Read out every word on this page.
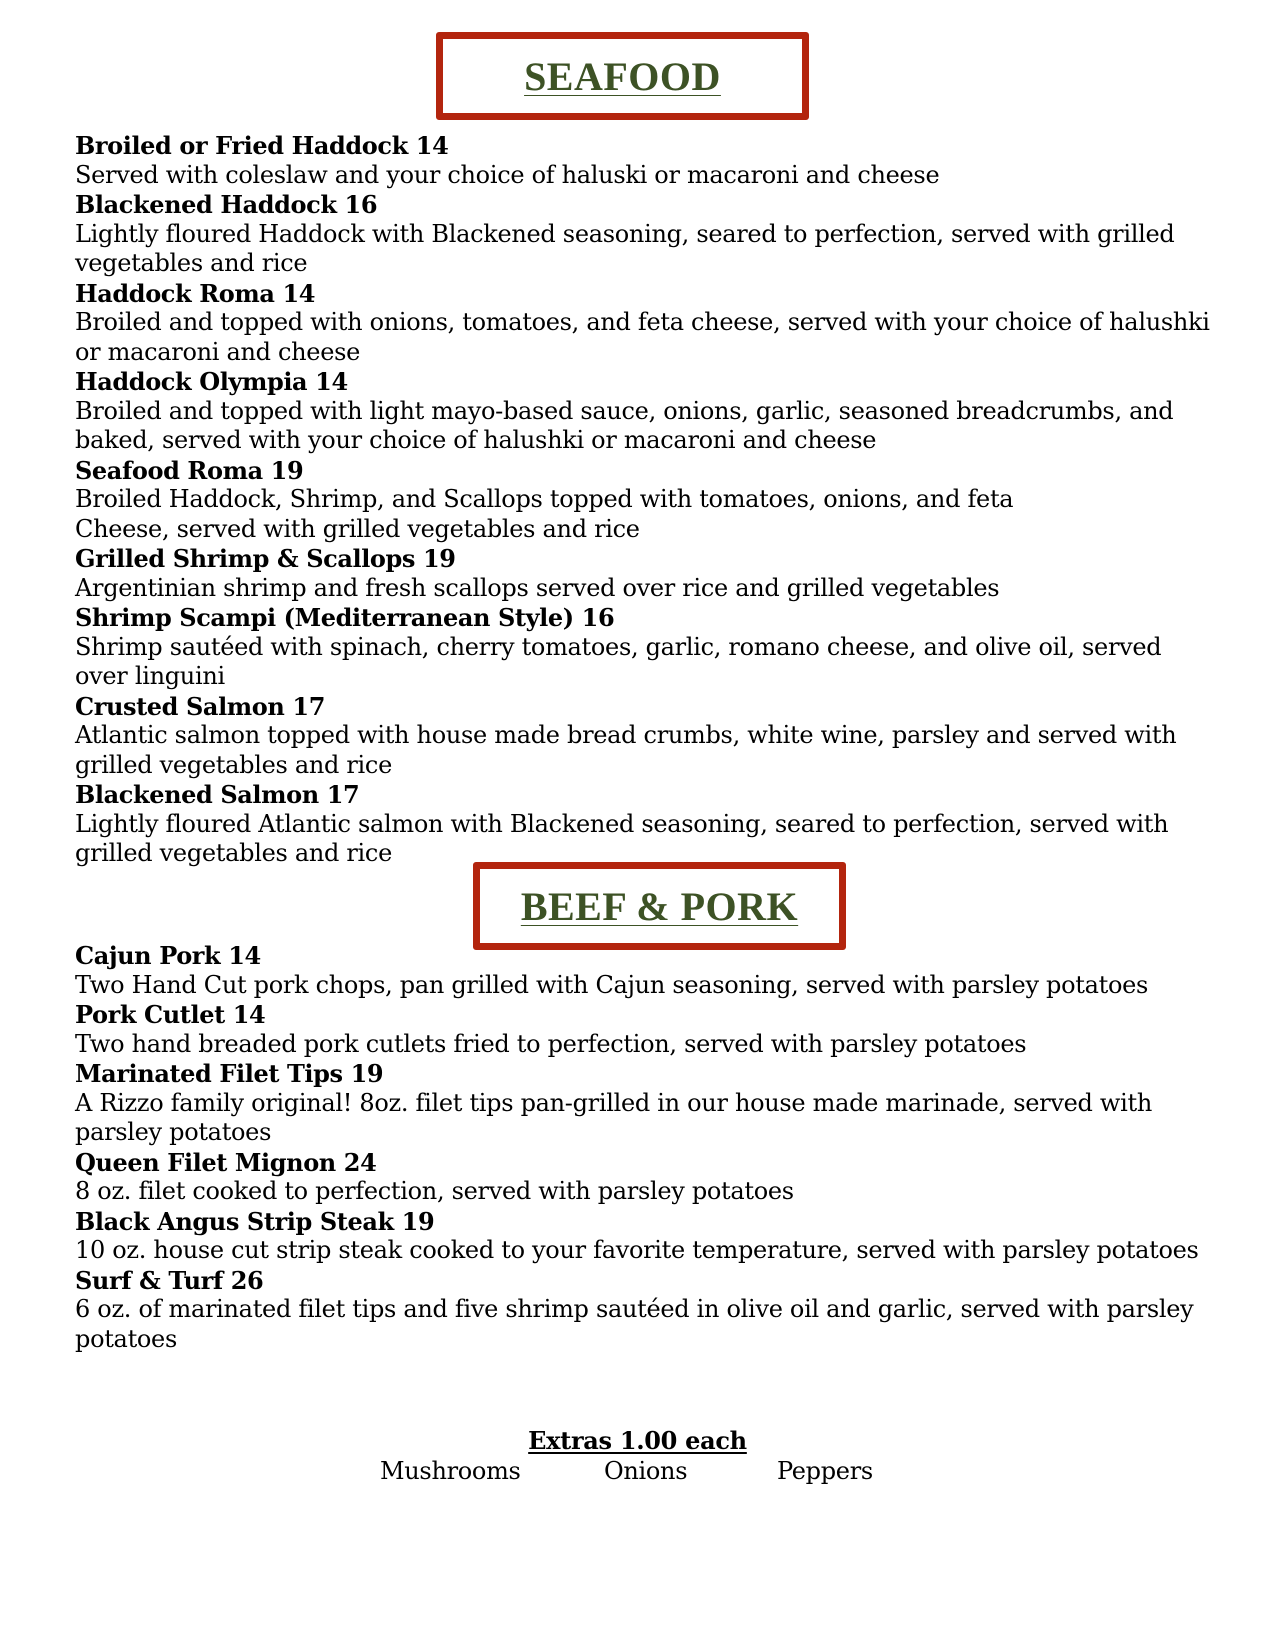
SEAFOOD
Broiled or Fried Haddock 14
Served with coleslaw and your choice of haluski or macaroni and cheese
Blackened Haddock 16
Lightly floured Haddock with Blackened seasoning, seared to perfection, served with grilled vegetables and rice
Haddock Roma 14
Broiled and topped with onions, tomatoes, and feta cheese, served with your choice of halushki or macaroni and cheese
Haddock Olympia 14
Broiled and topped with light mayo-based sauce, onions, garlic, seasoned breadcrumbs, and baked, served with your choice of halushki or macaroni and cheese
Seafood Roma 19
Broiled Haddock, Shrimp, and Scallops topped with tomatoes, onions, and feta
Cheese, served with grilled vegetables and rice
Grilled Shrimp & Scallops 19
Argentinian shrimp and fresh scallops served over rice and grilled vegetables
Shrimp Scampi (Mediterranean Style) 16
Shrimp sautéed with spinach, cherry tomatoes, garlic, romano cheese, and olive oil, served over linguini
Crusted Salmon 17
Atlantic salmon topped with house made bread crumbs, white wine, parsley and served with grilled vegetables and rice
Blackened Salmon 17
Lightly floured Atlantic salmon with Blackened seasoning, seared to perfection, served with grilled vegetables and rice
BEEF & PORK
Cajun Pork 14
Two Hand Cut pork chops, pan grilled with Cajun seasoning, served with parsley potatoes
Pork Cutlet 14
Two hand breaded pork cutlets fried to perfection, served with parsley potatoes
Marinated Filet Tips 19
A Rizzo family original! 8oz. filet tips pan-grilled in our house made marinade, served with parsley potatoes
Queen Filet Mignon 24
8 oz. filet cooked to perfection, served with parsley potatoes
Black Angus Strip Steak 19
10 oz. house cut strip steak cooked to your favorite temperature, served with parsley potatoes
Surf & Turf 26
6 oz. of marinated filet tips and five shrimp sautéed in olive oil and garlic, served with parsley potatoes
Extras 1.00 each
Mushrooms	Onions	Peppers
